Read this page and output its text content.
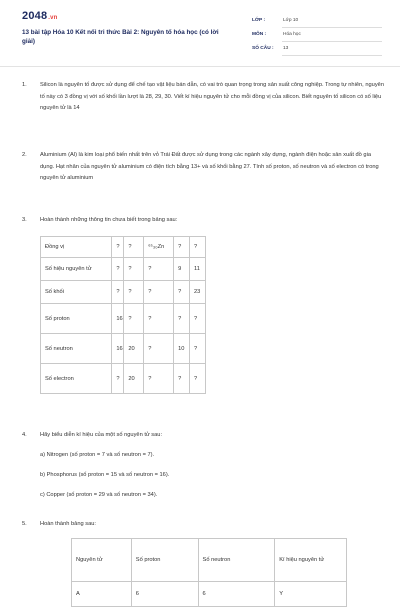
2048.vn
13 bài tập Hóa 10 Kết nối tri thức Bài 2: Nguyên tố hóa học (có lời giải)
LỚP :	Lớp 10
MÔN :	Hóa học
SỐ CÂU :	13
1. Silicon là nguyên tố được sử dụng để chế tạo vật liệu bán dẫn, có vai trò quan trọng trong sản xuất công nghiệp. Trong tự nhiên, nguyên tố này có 3 đồng vị với số khối lần lượt là 28, 29, 30. Viết kí hiệu nguyên tử cho mỗi đồng vị của silicon. Biết nguyên tố silicon có số liệu nguyên tử là 14
2. Aluminium (Al) là kim loại phổ biến nhất trên vỏ Trái Đất được sử dụng trong các ngành xây dựng, ngành điện hoặc sản xuất đồ gia dụng. Hạt nhân của nguyên tử aluminium có điện tích bằng 13+ và số khối bằng 27. Tính số proton, số neutron và số electron có trong nguyên tử aluminium
3. Hoàn thành những thông tin chưa biết trong bảng sau:
Đồng vị	?	?	⁶⁵₃₀Zn	?	?
Số hiệu nguyên tử	?	?	?	9	11
Số khối	?	?	?	?	23
Số proton	16	?	?	?	?
Số neutron	16	20	?	10	?
Số electron	?	20	?	?	?
4. Hãy biểu diễn kí hiệu của một số nguyên tử sau:
a) Nitrogen (số proton = 7 và số neutron = 7).
b) Phosphorus (số proton = 15 và số neutron = 16).
c) Copper (số proton = 29 và số neutron = 34).
5. Hoàn thành bảng sau:
Nguyên tử	Số proton	Số neutron	Kí hiệu nguyên tử
A	6	6	Y
